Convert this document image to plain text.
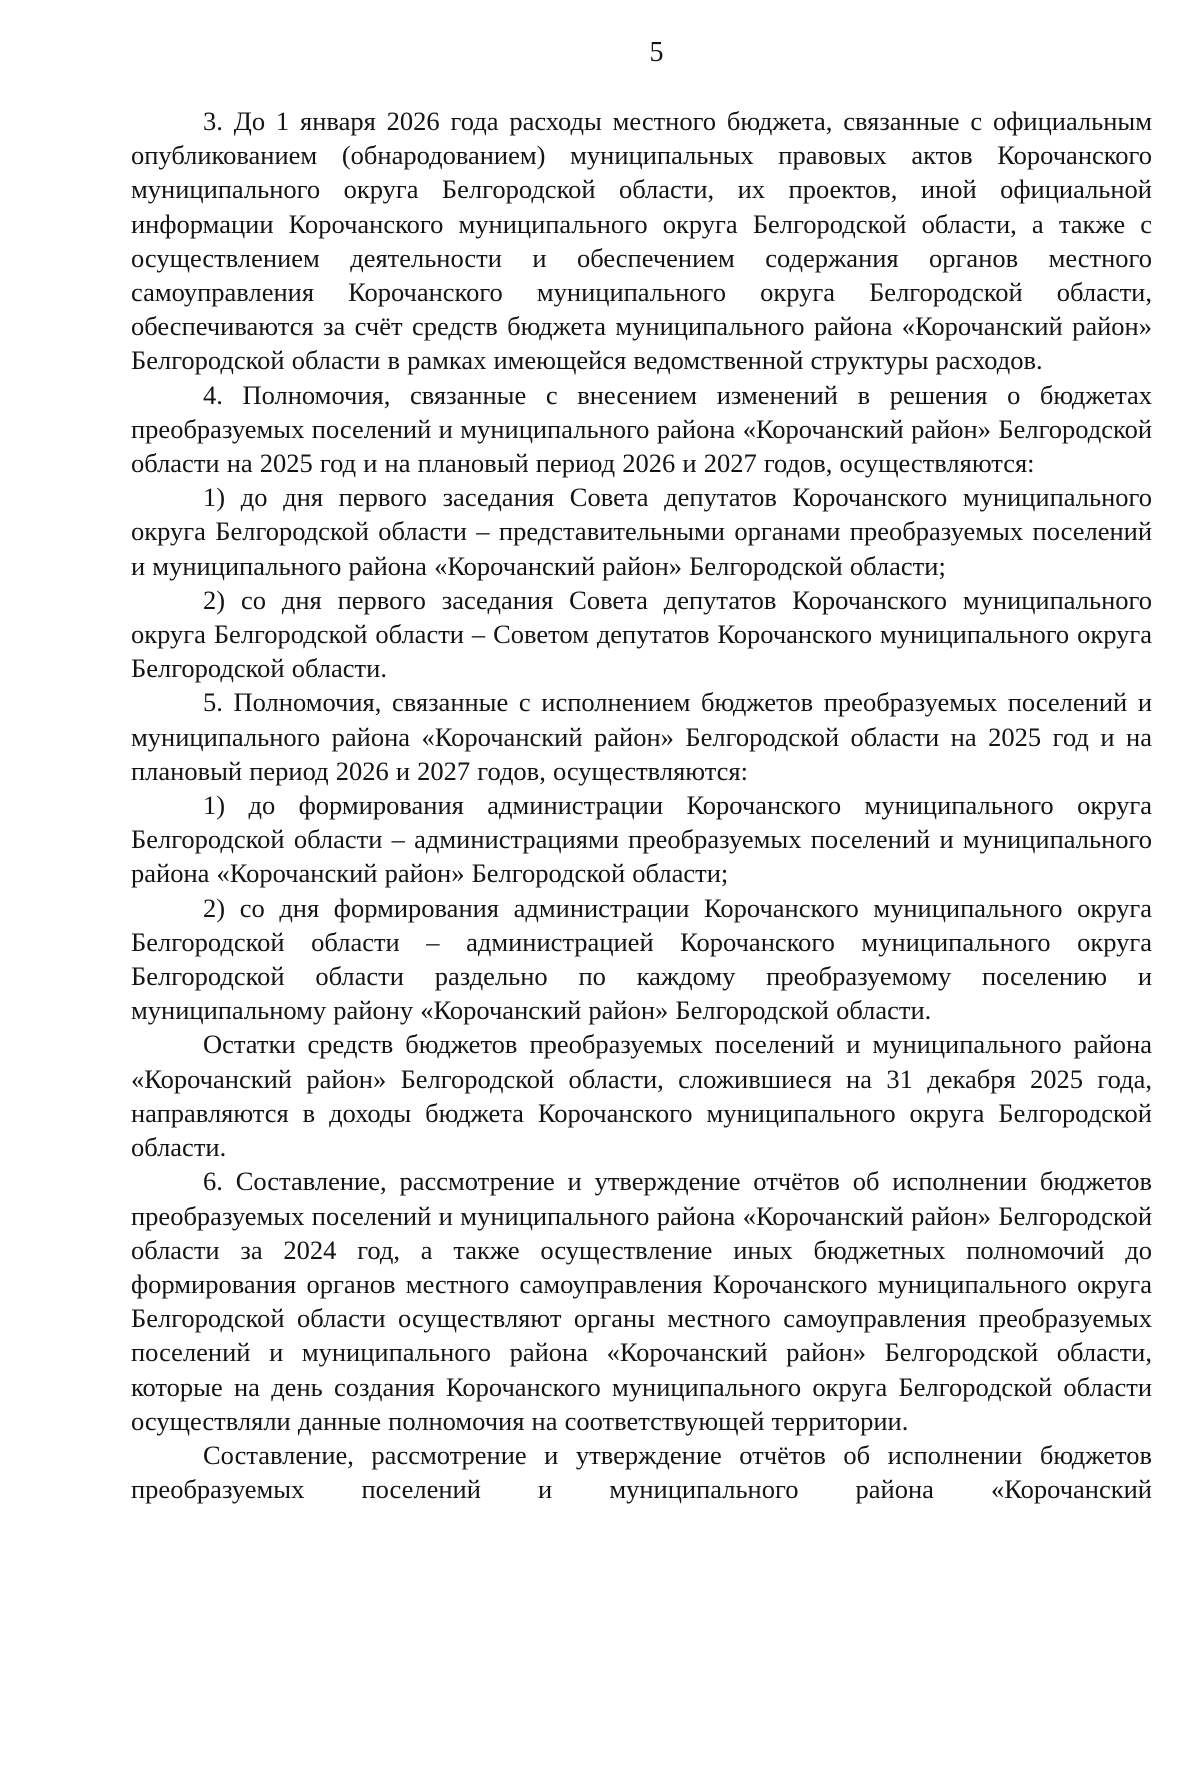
5

3. До 1 января 2026 года расходы местного бюджета, связанные с официальным опубликованием (обнародованием) муниципальных правовых актов Корочанского муниципального округа Белгородской области, их проектов, иной официальной информации Корочанского муниципального округа Белгородской области, а также с осуществлением деятельности и обеспечением содержания органов местного самоуправления Корочанского муниципального округа Белгородской области, обеспечиваются за счёт средств бюджета муниципального района «Корочанский район» Белгородской области в рамках имеющейся ведомственной структуры расходов.

4. Полномочия, связанные с внесением изменений в решения о бюджетах преобразуемых поселений и муниципального района «Корочанский район» Белгородской области на 2025 год и на плановый период 2026 и 2027 годов, осуществляются:

1) до дня первого заседания Совета депутатов Корочанского муниципального округа Белгородской области – представительными органами преобразуемых поселений и муниципального района «Корочанский район» Белгородской области;

2) со дня первого заседания Совета депутатов Корочанского муниципального округа Белгородской области – Советом депутатов Корочанского муниципального округа Белгородской области.

5. Полномочия, связанные с исполнением бюджетов преобразуемых поселений и муниципального района «Корочанский район» Белгородской области на 2025 год и на плановый период 2026 и 2027 годов, осуществляются:

1) до формирования администрации Корочанского муниципального округа Белгородской области – администрациями преобразуемых поселений и муниципального района «Корочанский район» Белгородской области;

2) со дня формирования администрации Корочанского муниципального округа Белгородской области – администрацией Корочанского муниципального округа Белгородской области раздельно по каждому преобразуемому поселению и муниципальному району «Корочанский район» Белгородской области.

Остатки средств бюджетов преобразуемых поселений и муниципального района «Корочанский район» Белгородской области, сложившиеся на 31 декабря 2025 года, направляются в доходы бюджета Корочанского муниципального округа Белгородской области.

6. Составление, рассмотрение и утверждение отчётов об исполнении бюджетов преобразуемых поселений и муниципального района «Корочанский район» Белгородской области за 2024 год, а также осуществление иных бюджетных полномочий до формирования органов местного самоуправления Корочанского муниципального округа Белгородской области осуществляют органы местного самоуправления преобразуемых поселений и муниципального района «Корочанский район» Белгородской области, которые на день создания Корочанского муниципального округа Белгородской области осуществляли данные полномочия на соответствующей территории.

Составление, рассмотрение и утверждение отчётов об исполнении бюджетов преобразуемых поселений и муниципального района «Корочанский
